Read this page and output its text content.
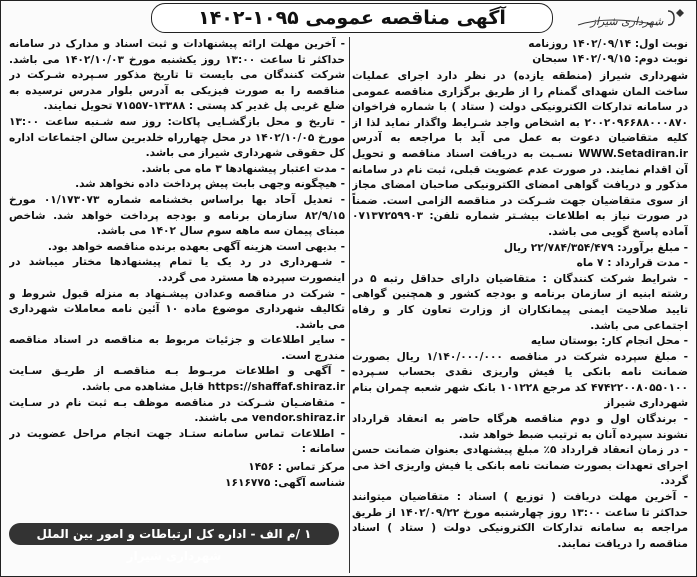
آگهی مناقصه عمومی ۱۰۹۵-۱۴۰۲	شهرداری شیراز
نوبت اول: ۱۴۰۲/۰۹/۱۴ روزنامه
نوبت دوم: ۱۴۰۲/۰۹/۱۵ سبحان

شهرداری شیراز (منطقه یازده) در نظر دارد اجرای عملیات ساخت المان شهدای گمنام را از طریق برگزاری مناقصه عمومی در سامانه تدارکات الکترونیکی دولت ( ستاد ) با شماره فراخوان ۲۰۰۲۰۹۶۶۸۸۰۰۰۸۷۰ به اشخاص واجد شـرایط واگذار نماید لذا از کلیه متقاضیان دعوت به عمل می آید با مراجعه به آدرس WWW.Setadiran.ir نسـبت به دریافت اسناد مناقصه و تحویل آن اقدام نمایند. در صورت عدم عضویت قبلی، ثبت نام در سامانه مذکور و دریافت گواهی امضای الکترونیکی صاحبان امضای مجاز از سوی متقاضیان جهت شـرکت در مناقصه الزامی است. ضمناً در صورت نیاز به اطلاعات بیشـتر شماره تلفن: ۰۷۱۳۷۲۵۹۹۰۳ آماده پاسخ گویی می باشد.

- مبلغ برآورد: ۲۲/۷۸۴/۳۵۴/۴۷۹ ریال

- مدت قرارداد : ۷ ماه

- شرایط شرکت کنندگان : متقاضیان دارای حداقل رتبه ۵ در رشته ابنیه از سازمان برنامه و بودجه کشور و همچنین گواهی تایید صلاحیت ایمنی پیمانکاران از وزارت تعاون کار و رفاه اجتماعی می باشد.

- محل انجام کار: بوستان سایه

- مبلغ سپرده شرکت در مناقصه ۱/۱۴۰/۰۰۰/۰۰۰ ریال بصورت ضمانت نامه بانکی یا فیش واریزی نقدی بحساب سـپرده ۴۷۴۲۲۰۰۸۰۵۵۰۱۰۰ کد مرجع ۱۰۱۲۲۸ بانک شهر شعبه چمران بنام شهرداری شیراز

- برندگان اول و دوم مناقصه هرگاه حاضر به انعقاد قرارداد نشوند سپرده آنان به ترتیب ضبط خواهد شد.

- در زمان انعقاد قرارداد ۵٪ مبلغ پیشنهادی بعنوان ضمانت حسن اجرای تعهدات بصورت ضمانت نامه بانکی یا فیش واریزی اخذ می گردد.

- آخرین مهلت دریافت ( توزیع ) اسناد : متقاضیان میتوانند حداکثر تا ساعت ۱۳:۰۰ روز چهارشنبه مورخ ۱۴۰۲/۰۹/۲۲ از طریق مراجعه به سامانه تدارکات الکترونیکی دولت ( ستاد ) اسناد مناقصه را دریافت نمایند.

- آخرین مهلت ارائه پیشنهادات و ثبت اسناد و مدارک در سامانه حداکثر تا ساعت ۱۳:۰۰ روز یکشنبه مورخ ۱۴۰۲/۱۰/۰۳ می باشد. شرکت کنندگان می بایست تا تاریخ مذکور سـپرده شـرکت در مناقصه را به صورت فیزیکی به آدرس بلوار مدرس نرسیده به ضلع غربی پل غدیر کد پستی : ۱۳۳۸۸-۷۱۵۵۷ تحویل نمایند.

- تاریخ و محل بازگشـایی پاکات: روز سه شـنبه ساعت ۱۳:۰۰ مورخ ۱۴۰۲/۱۰/۰۵ در محل چهارراه خلدبرین سالن اجتماعات اداره کل حقوقی شهرداری شیراز می باشد.

- مدت اعتبار پیشنهادها ۳ ماه می باشد.

- هیچگونه وجهی بابت پیش پرداخت داده نخواهد شد.

- تعدیل آحاد بها براساس بخشنامه شماره ۰۱/۱۷۳۰۷۳ مورخ ۸۲/۹/۱۵ سازمان برنامه و بودجه پرداخت خواهد شد. شاخص مبنای پیمان سه ماهه سوم سال ۱۴۰۲ می باشد.

- بدیهی است هزینه آگهی بعهده برنده مناقصه خواهد بود.

- شـهرداری در رد یک یا تمام پیشنهادها مختار میباشد در اینصورت سپرده ها مسترد می گردد.

- شرکت در مناقصه وعدادن پیشـنهاد به منزله قبول شروط و تکالیف شهرداری موضوع ماده ۱۰ آئین نامه معاملات شهرداری می باشد.

- سایر اطلاعات و جزئیات مربوط به مناقصه در اسناد مناقصه مندرج است.

- آگهی و اطلاعات مربـوط بـه مناقصـه از طریـق سـایت https://shaffaf.shiraz.ir قابل مشاهده می باشد.

- متقاضـیان شـرکت در مناقصه موظف بـه ثبت نام در سـایت vendor.shiraz.ir می باشند.

- اطلاعات تماس سامانه ستـاد جهت انجام مراحل عضویت در سامانه :

مرکز تماس : ۱۴۵۶

شناسه آگهی: ۱۶۱۶۷۷۵

۱ /م الف - اداره کل ارتباطات و امور بین الملل شهرداری شیراز
